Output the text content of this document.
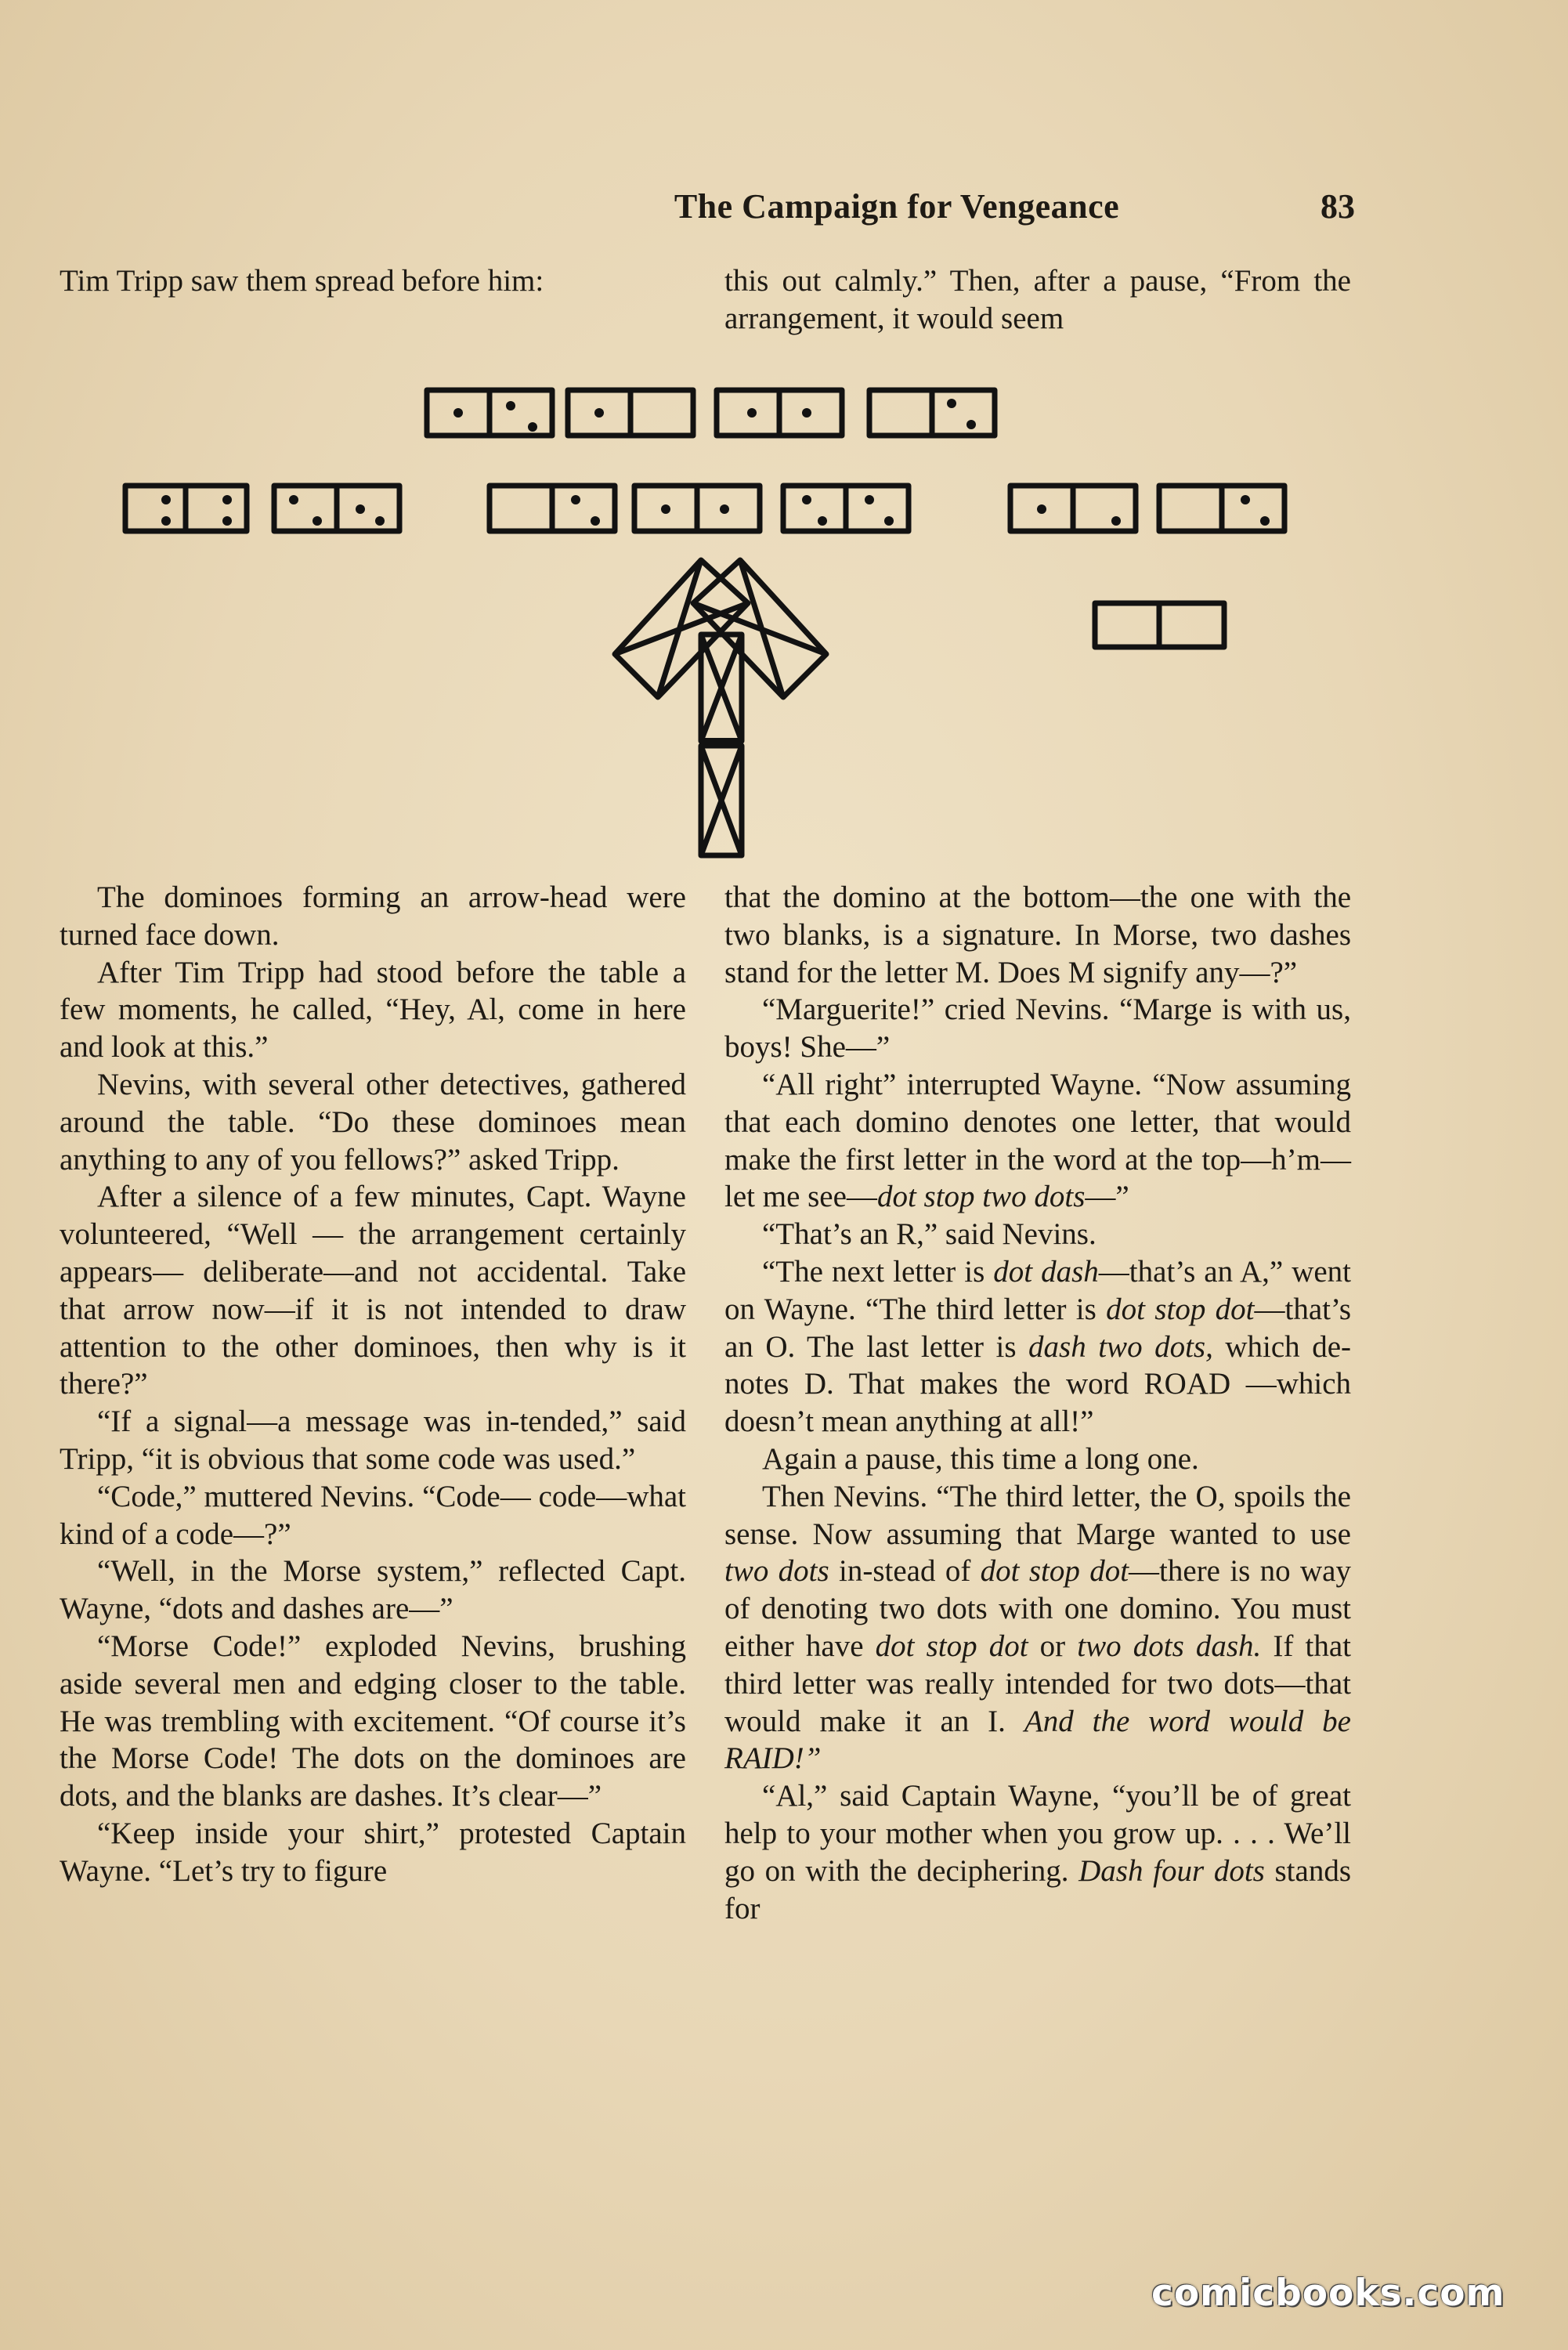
The Campaign for Vengeance	83

Tim Tripp saw them spread before him:	this out calmly.” Then, after a pause, “From the arrangement, it would seem

The dominoes forming an arrow-head were turned face down.

After Tim Tripp had stood before the table a few moments, he called, “Hey, Al, come in here and look at this.”

Nevins, with several other detectives, gathered around the table. “Do these dominoes mean anything to any of you fellows?” asked Tripp.

After a silence of a few minutes, Capt. Wayne volunteered, “Well — the arrangement certainly appears— deliberate—and not accidental. Take that arrow now—if it is not intended to draw attention to the other dominoes, then why is it there?”

“If a signal—a message was in-tended,” said Tripp, “it is obvious that some code was used.”

“Code,” muttered Nevins. “Code— code—what kind of a code—?”

“Well, in the Morse system,” reflected Capt. Wayne, “dots and dashes are—”

“Morse Code!” exploded Nevins, brushing aside several men and edging closer to the table. He was trembling with excitement. “Of course it’s the Morse Code! The dots on the dominoes are dots, and the blanks are dashes. It’s clear—”

“Keep inside your shirt,” protested Captain Wayne. “Let’s try to figure

that the domino at the bottom—the one with the two blanks, is a signature. In Morse, two dashes stand for the letter M. Does M signify any—?”

“Marguerite!” cried Nevins. “Marge is with us, boys! She—”

“All right” interrupted Wayne. “Now assuming that each domino denotes one letter, that would make the first letter in the word at the top—h’m—let me see—dot stop two dots—”

“That’s an R,” said Nevins.

“The next letter is dot dash—that’s an A,” went on Wayne. “The third letter is dot stop dot—that’s an O. The last letter is dash two dots, which de-notes D. That makes the word ROAD —which doesn’t mean anything at all!”

Again a pause, this time a long one.

Then Nevins. “The third letter, the O, spoils the sense. Now assuming that Marge wanted to use two dots in-stead of dot stop dot—there is no way of denoting two dots with one domino. You must either have dot stop dot or two dots dash. If that third letter was really intended for two dots—that would make it an I. And the word would be RAID!”

“Al,” said Captain Wayne, “you’ll be of great help to your mother when you grow up. . . . We’ll go on with the deciphering. Dash four dots stands for

comicbooks.com
